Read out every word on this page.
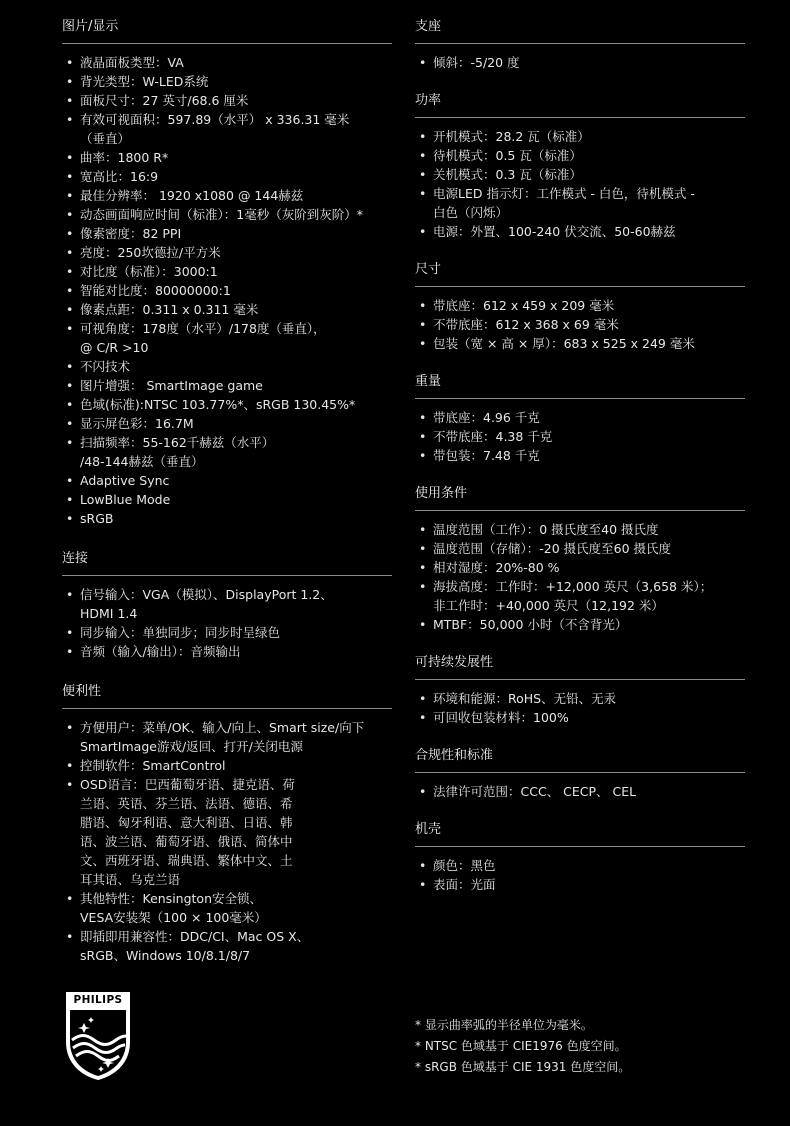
图片/显示
• 液晶面板类型：VA
• 背光类型：W-LED系统
• 面板尺寸：27 英寸/68.6 厘米
• 有效可视面积：597.89（水平） x 336.31 毫米
（垂直）
• 曲率：1800 R*
• 宽高比：16:9
• 最佳分辨率： 1920 x1080 @ 144赫兹
• 动态画面响应时间（标准）：1毫秒（灰阶到灰阶）*
• 像素密度：82 PPI
• 亮度：250坎德拉/平方米
• 对比度（标准）：3000:1
• 智能对比度：80000000:1
• 像素点距：0.311 x 0.311 毫米
• 可视角度：178度（水平）/178度（垂直），
@ C/R >10
• 不闪技术
• 图片增强： SmartImage game
• 色域(标准):NTSC 103.77%*、sRGB 130.45%*
• 显示屏色彩：16.7M
• 扫描频率：55-162千赫兹（水平）
/48-144赫兹（垂直）
• Adaptive Sync
• LowBlue Mode
• sRGB
连接
• 信号输入：VGA（模拟）、DisplayPort 1.2、
HDMI 1.4
• 同步输入：单独同步；同步时呈绿色
• 音频（输入/输出）：音频输出
便利性
• 方便用户：菜单/OK、输入/向上、Smart size/向下
SmartImage游戏/返回、打开/关闭电源
• 控制软件：SmartControl
• OSD语言：巴西葡萄牙语、捷克语、荷
兰语、英语、芬兰语、法语、德语、希
腊语、匈牙利语、意大利语、日语、韩
语、波兰语、葡萄牙语、俄语、简体中
文、西班牙语、瑞典语、繁体中文、土
耳其语、乌克兰语
• 其他特性：Kensington安全锁、
VESA安装架（100 × 100毫米）
• 即插即用兼容性：DDC/CI、Mac OS X、
sRGB、Windows 10/8.1/8/7
支座
• 倾斜：-5/20 度
功率
• 开机模式：28.2 瓦（标准）
• 待机模式：0.5 瓦（标准）
• 关机模式：0.3 瓦（标准）
• 电源LED 指示灯：工作模式 - 白色，待机模式 -
白色（闪烁）
• 电源：外置、100-240 伏交流、50-60赫兹
尺寸
• 带底座：612 x 459 x 209 毫米
• 不带底座：612 x 368 x 69 毫米
• 包装（宽 × 高 × 厚）：683 x 525 x 249 毫米
重量
• 带底座：4.96 千克
• 不带底座：4.38 千克
• 带包装：7.48 千克
使用条件
• 温度范围（工作）：0 摄氏度至40 摄氏度
• 温度范围（存储）：-20 摄氏度至60 摄氏度
• 相对湿度：20%-80 %
• 海拔高度：工作时：+12,000 英尺（3,658 米）；
非工作时：+40,000 英尺（12,192 米）
• MTBF：50,000 小时（不含背光）
可持续发展性
• 环境和能源：RoHS、无铅、无汞
• 可回收包装材料：100%
合规性和标准
• 法律许可范围：CCC、 CECP、 CEL
机壳
• 颜色：黑色
• 表面：光面
PHILIPS

* 显示曲率弧的半径单位为毫米。

* NTSC 色域基于 CIE1976 色度空间。

* sRGB 色域基于 CIE 1931 色度空间。
